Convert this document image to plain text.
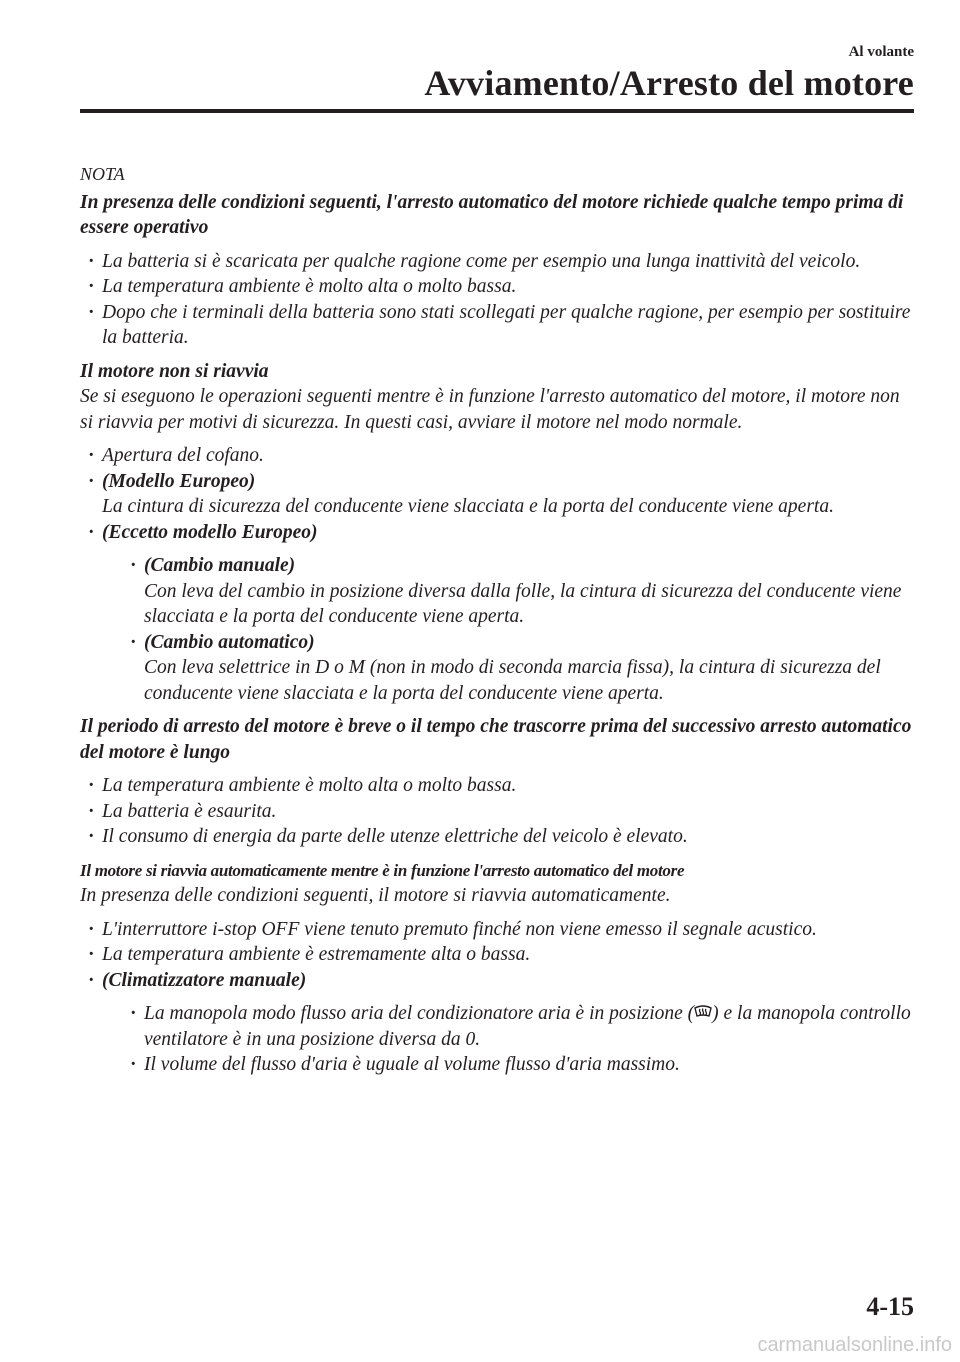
Al volante
Avviamento/Arresto del motore
NOTA

In presenza delle condizioni seguenti, l'arresto automatico del motore richiede qualche tempo prima di essere operativo

· La batteria si è scaricata per qualche ragione come per esempio una lunga inattività del veicolo.
· La temperatura ambiente è molto alta o molto bassa.
· Dopo che i terminali della batteria sono stati scollegati per qualche ragione, per esempio per sostituire la batteria.

Il motore non si riavvia

Se si eseguono le operazioni seguenti mentre è in funzione l'arresto automatico del motore, il motore non si riavvia per motivi di sicurezza. In questi casi, avviare il motore nel modo normale.

· Apertura del cofano.
· (Modello Europeo)
La cintura di sicurezza del conducente viene slacciata e la porta del conducente viene aperta.
· (Eccetto modello Europeo)
· (Cambio manuale)
Con leva del cambio in posizione diversa dalla folle, la cintura di sicurezza del conducente viene slacciata e la porta del conducente viene aperta.
· (Cambio automatico)
Con leva selettrice in D o M (non in modo di seconda marcia fissa), la cintura di sicurezza del conducente viene slacciata e la porta del conducente viene aperta.

Il periodo di arresto del motore è breve o il tempo che trascorre prima del successivo arresto automatico del motore è lungo

· La temperatura ambiente è molto alta o molto bassa.
· La batteria è esaurita.
· Il consumo di energia da parte delle utenze elettriche del veicolo è elevato.

Il motore si riavvia automaticamente mentre è in funzione l'arresto automatico del motore

In presenza delle condizioni seguenti, il motore si riavvia automaticamente.

· L'interruttore i-stop OFF viene tenuto premuto finché non viene emesso il segnale acustico.
· La temperatura ambiente è estremamente alta o bassa.
· (Climatizzatore manuale)
· La manopola modo flusso aria del condizionatore aria è in posizione ( ) e la manopola controllo ventilatore è in una posizione diversa da 0.
· Il volume del flusso d'aria è uguale al volume flusso d'aria massimo.
4-15
carmanualsonline.info
